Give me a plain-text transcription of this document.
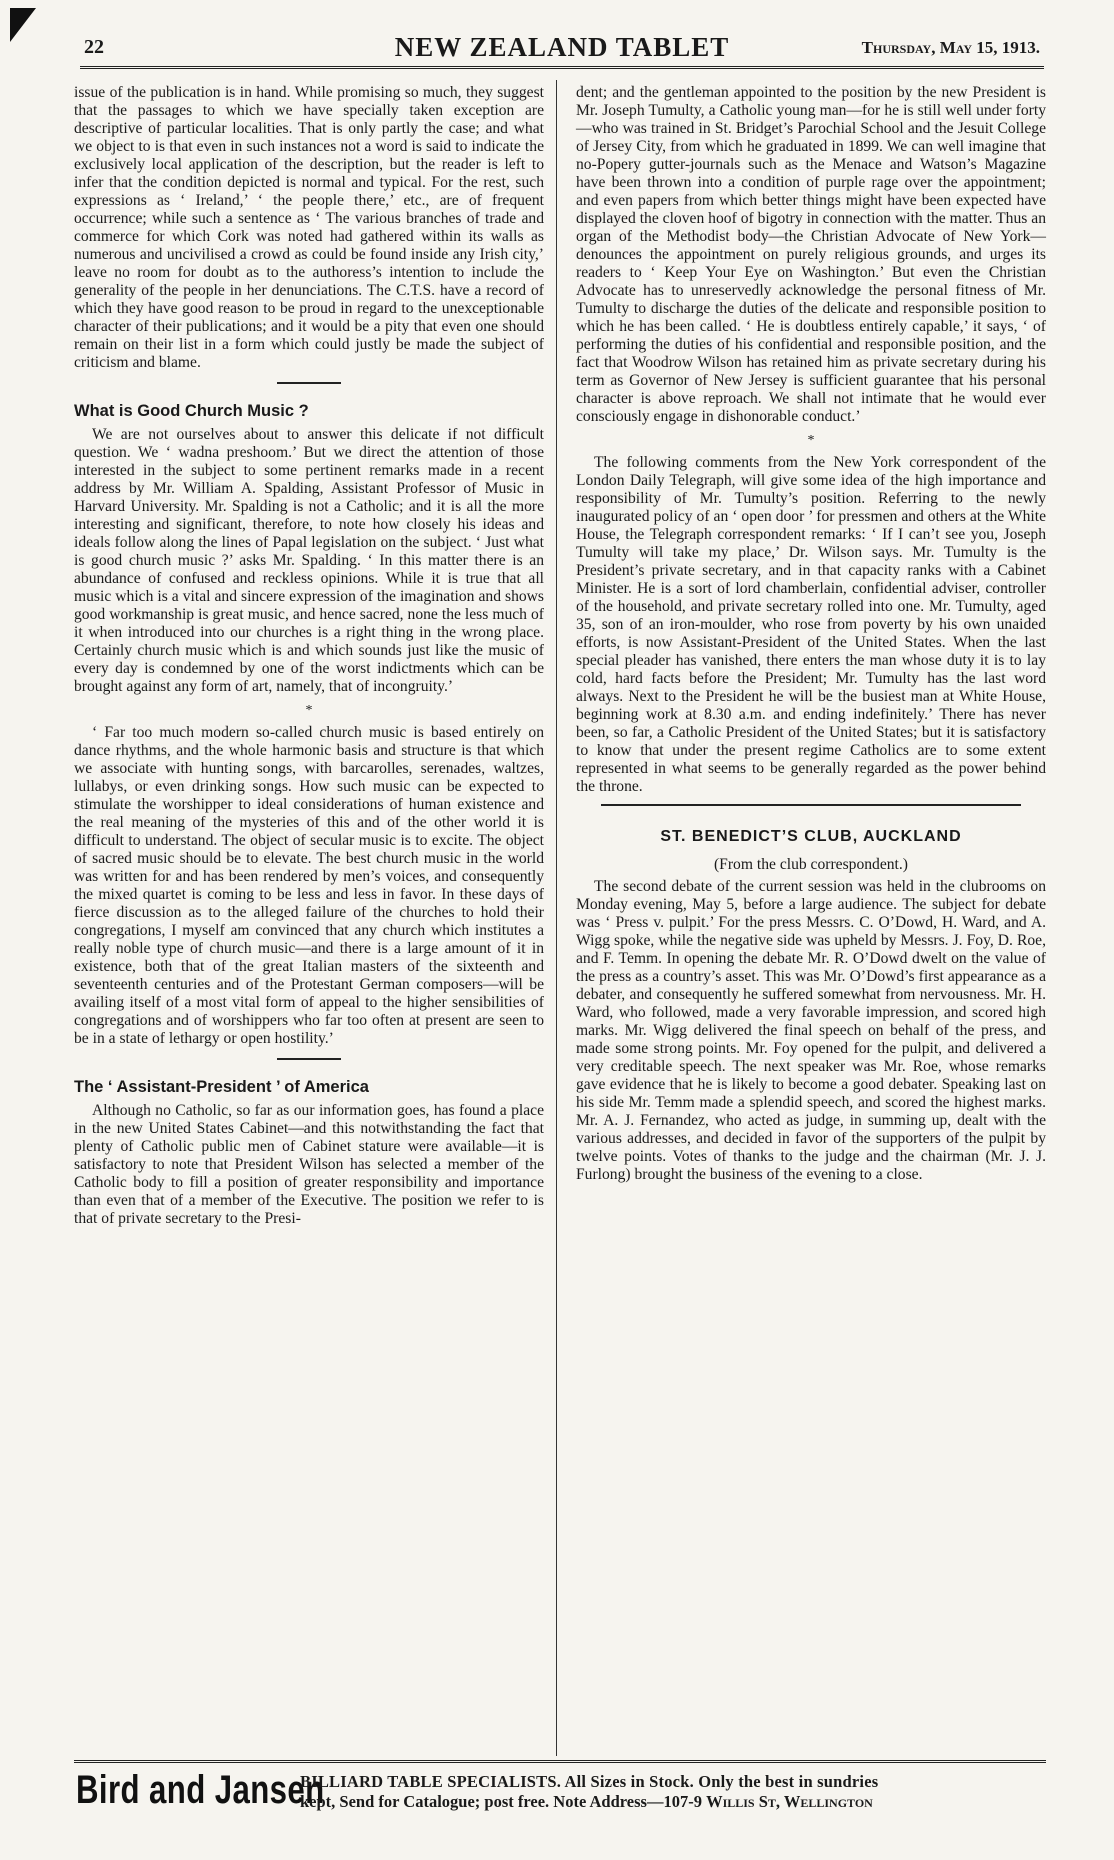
22	NEW ZEALAND TABLET	Thursday, May 15, 1913.

issue of the publication is in hand. While promising so much, they suggest that the passages to which we have specially taken exception are descriptive of particular localities. That is only partly the case; and what we object to is that even in such instances not a word is said to indicate the exclusively local application of the description, but the reader is left to infer that the condition depicted is normal and typical. For the rest, such expressions as ‘ Ireland,’ ‘ the people there,’ etc., are of frequent occurrence; while such a sentence as ‘ The various branches of trade and commerce for which Cork was noted had gathered within its walls as numerous and uncivilised a crowd as could be found inside any Irish city,’ leave no room for doubt as to the authoress’s intention to include the generality of the people in her denunciations. The C.T.S. have a record of which they have good reason to be proud in regard to the unexceptionable character of their publications; and it would be a pity that even one should remain on their list in a form which could justly be made the subject of criticism and blame.

What is Good Church Music ?

We are not ourselves about to answer this delicate if not difficult question. We ‘ wadna preshoom.’ But we direct the attention of those interested in the subject to some pertinent remarks made in a recent address by Mr. William A. Spalding, Assistant Professor of Music in Harvard University. Mr. Spalding is not a Catholic; and it is all the more interesting and significant, therefore, to note how closely his ideas and ideals follow along the lines of Papal legislation on the subject. ‘ Just what is good church music ?’ asks Mr. Spalding. ‘ In this matter there is an abundance of confused and reckless opinions. While it is true that all music which is a vital and sincere expression of the imagination and shows good workmanship is great music, and hence sacred, none the less much of it when introduced into our churches is a right thing in the wrong place. Certainly church music which is and which sounds just like the music of every day is condemned by one of the worst indictments which can be brought against any form of art, namely, that of incongruity.’

*

‘ Far too much modern so-called church music is based entirely on dance rhythms, and the whole harmonic basis and structure is that which we associate with hunting songs, with barcarolles, serenades, waltzes, lullabys, or even drinking songs. How such music can be expected to stimulate the worshipper to ideal considerations of human existence and the real meaning of the mysteries of this and of the other world it is difficult to understand. The object of secular music is to excite. The object of sacred music should be to elevate. The best church music in the world was written for and has been rendered by men’s voices, and consequently the mixed quartet is coming to be less and less in favor. In these days of fierce discussion as to the alleged failure of the churches to hold their congregations, I myself am convinced that any church which institutes a really noble type of church music—and there is a large amount of it in existence, both that of the great Italian masters of the sixteenth and seventeenth centuries and of the Protestant German composers—will be availing itself of a most vital form of appeal to the higher sensibilities of congregations and of worshippers who far too often at present are seen to be in a state of lethargy or open hostility.’

The ‘ Assistant-President ’ of America

Although no Catholic, so far as our information goes, has found a place in the new United States Cabinet—and this notwithstanding the fact that plenty of Catholic public men of Cabinet stature were available—it is satisfactory to note that President Wilson has selected a member of the Catholic body to fill a position of greater responsibility and importance than even that of a member of the Executive. The position we refer to is that of private secretary to the Presi-

dent; and the gentleman appointed to the position by the new President is Mr. Joseph Tumulty, a Catholic young man—for he is still well under forty—who was trained in St. Bridget’s Parochial School and the Jesuit College of Jersey City, from which he graduated in 1899. We can well imagine that no-Popery gutter-journals such as the Menace and Watson’s Magazine have been thrown into a condition of purple rage over the appointment; and even papers from which better things might have been expected have displayed the cloven hoof of bigotry in connection with the matter. Thus an organ of the Methodist body—the Christian Advocate of New York—denounces the appointment on purely religious grounds, and urges its readers to ‘ Keep Your Eye on Washington.’ But even the Christian Advocate has to unreservedly acknowledge the personal fitness of Mr. Tumulty to discharge the duties of the delicate and responsible position to which he has been called. ‘ He is doubtless entirely capable,’ it says, ‘ of performing the duties of his confidential and responsible position, and the fact that Woodrow Wilson has retained him as private secretary during his term as Governor of New Jersey is sufficient guarantee that his personal character is above reproach. We shall not intimate that he would ever consciously engage in dishonorable conduct.’

*

The following comments from the New York correspondent of the London Daily Telegraph, will give some idea of the high importance and responsibility of Mr. Tumulty’s position. Referring to the newly inaugurated policy of an ‘ open door ’ for pressmen and others at the White House, the Telegraph correspondent remarks: ‘ If I can’t see you, Joseph Tumulty will take my place,’ Dr. Wilson says. Mr. Tumulty is the President’s private secretary, and in that capacity ranks with a Cabinet Minister. He is a sort of lord chamberlain, confidential adviser, controller of the household, and private secretary rolled into one. Mr. Tumulty, aged 35, son of an iron-moulder, who rose from poverty by his own unaided efforts, is now Assistant-President of the United States. When the last special pleader has vanished, there enters the man whose duty it is to lay cold, hard facts before the President; Mr. Tumulty has the last word always. Next to the President he will be the busiest man at White House, beginning work at 8.30 a.m. and ending indefinitely.’ There has never been, so far, a Catholic President of the United States; but it is satisfactory to know that under the present regime Catholics are to some extent represented in what seems to be generally regarded as the power behind the throne.

ST. BENEDICT’S CLUB, AUCKLAND
(From the club correspondent.)

The second debate of the current session was held in the clubrooms on Monday evening, May 5, before a large audience. The subject for debate was ‘ Press v. pulpit.’ For the press Messrs. C. O’Dowd, H. Ward, and A. Wigg spoke, while the negative side was upheld by Messrs. J. Foy, D. Roe, and F. Temm. In opening the debate Mr. R. O’Dowd dwelt on the value of the press as a country’s asset. This was Mr. O’Dowd’s first appearance as a debater, and consequently he suffered somewhat from nervousness. Mr. H. Ward, who followed, made a very favorable impression, and scored high marks. Mr. Wigg delivered the final speech on behalf of the press, and made some strong points. Mr. Foy opened for the pulpit, and delivered a very creditable speech. The next speaker was Mr. Roe, whose remarks gave evidence that he is likely to become a good debater. Speaking last on his side Mr. Temm made a splendid speech, and scored the highest marks. Mr. A. J. Fernandez, who acted as judge, in summing up, dealt with the various addresses, and decided in favor of the supporters of the pulpit by twelve points. Votes of thanks to the judge and the chairman (Mr. J. J. Furlong) brought the business of the evening to a close.

Bird and Jansen
BILLIARD TABLE SPECIALISTS. All Sizes in Stock. Only the best in sundries
kept, Send for Catalogue; post free. Note Address—107-9 Willis St, Wellington
